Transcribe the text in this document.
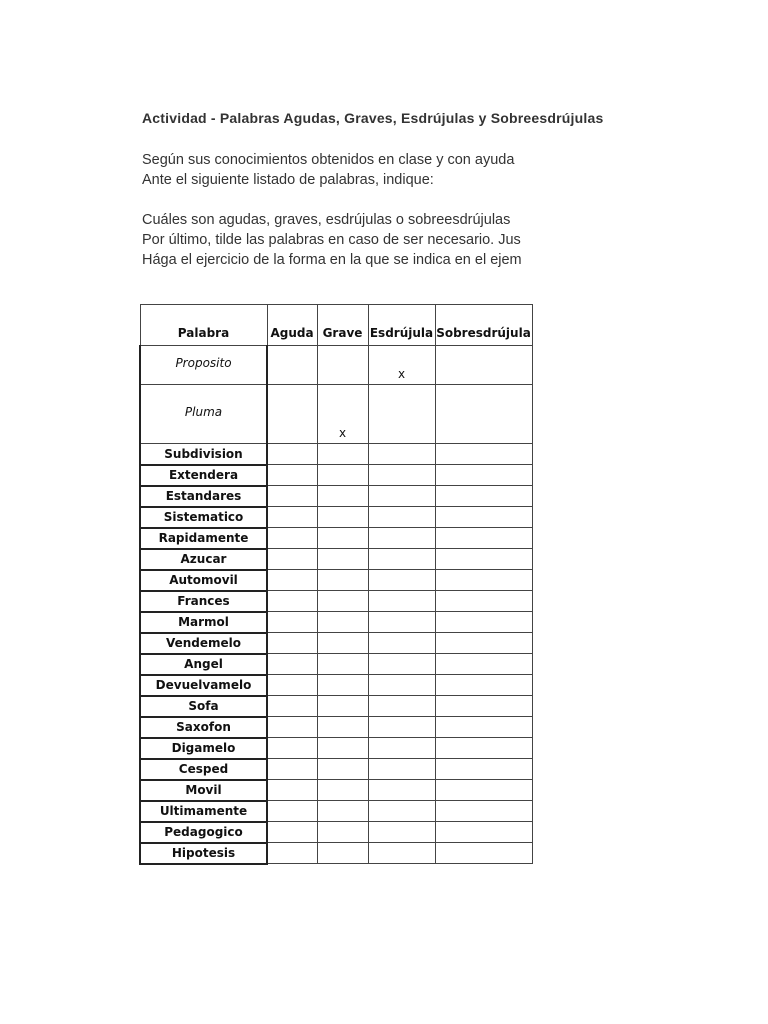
Actividad - Palabras Agudas, Graves, Esdrújulas y Sobreesdrújulas
Según sus conocimientos obtenidos en clase y con ayuda
Ante el siguiente listado de palabras, indique:
Cuáles son agudas, graves, esdrújulas o sobreesdrújulas
Por último, tilde las palabras en caso de ser necesario. Jus
Hága el ejercicio de la forma en la que se indica en el ejem
Palabra	Aguda	Grave	Esdrújula	Sobresdrújula
Proposito			x	
Pluma		x		
Subdivision				
Extendera				
Estandares				
Sistematico				
Rapidamente				
Azucar				
Automovil				
Frances				
Marmol				
Vendemelo				
Angel				
Devuelvamelo				
Sofa				
Saxofon				
Digamelo				
Cesped				
Movil				
Ultimamente				
Pedagogico				
Hipotesis				
